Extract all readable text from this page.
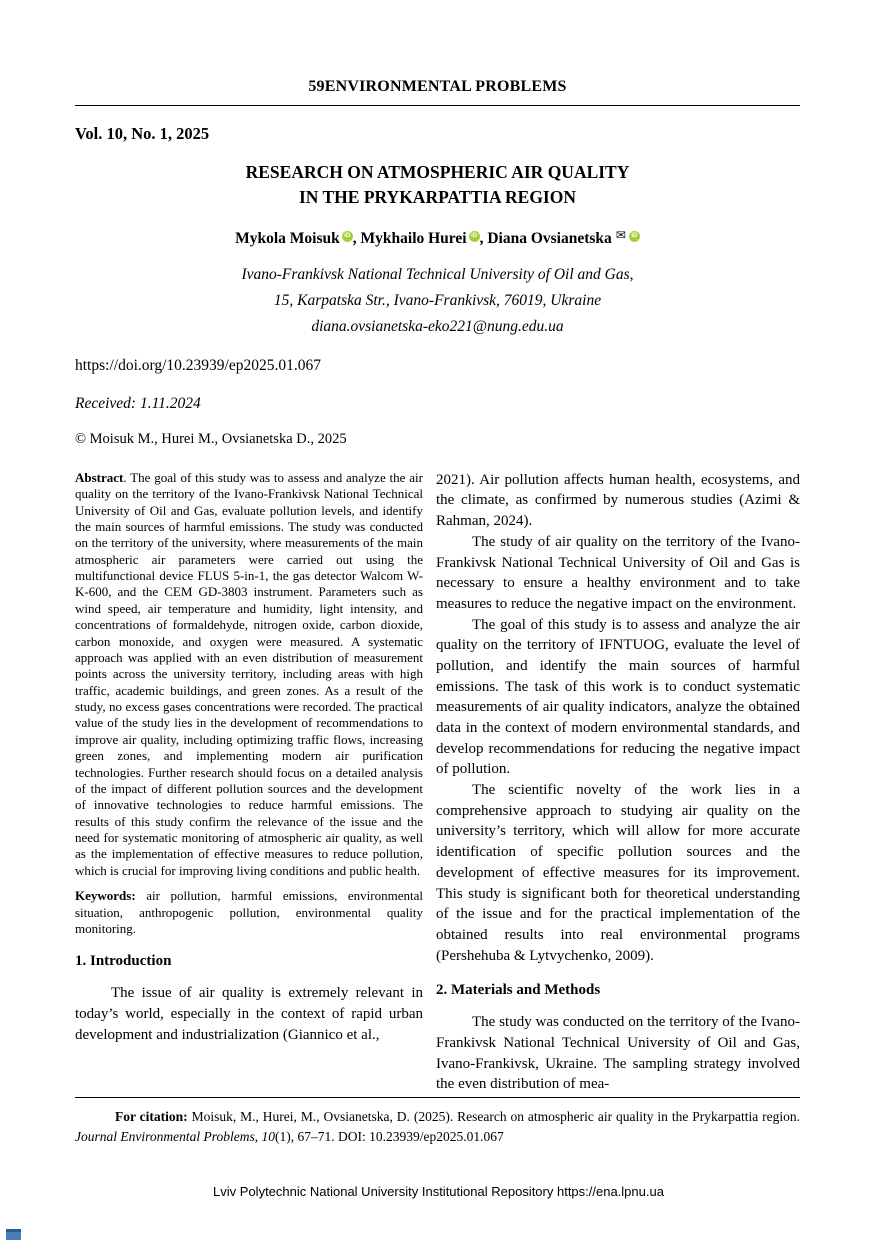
59ENVIRONMENTAL PROBLEMS
Vol. 10, No. 1, 2025
RESEARCH ON ATMOSPHERIC AIR QUALITY
IN THE PRYKARPATTIA REGION
Mykola Moisuk iD , Mykhailo Hurei iD , Diana Ovsianetska ✉ iD
Ivano-Frankivsk National Technical University of Oil and Gas,
15, Karpatska Str., Ivano-Frankivsk, 76019, Ukraine
diana.ovsianetska-eko221@nung.edu.ua
https://doi.org/10.23939/ep2025.01.067
Received: 1.11.2024
© Moisuk M., Hurei M., Ovsianetska D., 2025

Abstract. The goal of this study was to assess and analyze the air quality on the territory of the Ivano-Frankivsk National Technical University of Oil and Gas, evaluate pollution levels, and identify the main sources of harmful emissions. The study was conducted on the territory of the university, where measurements of the main atmospheric air parameters were carried out using the multifunctional device FLUS 5-in-1, the gas detector Walcom W-K-600, and the CEM GD-3803 instrument. Parameters such as wind speed, air temperature and humidity, light intensity, and concentrations of formaldehyde, nitrogen oxide, carbon dioxide, carbon monoxide, and oxygen were measured. A systematic approach was applied with an even distribution of measurement points across the university territory, including areas with high traffic, academic buildings, and green zones. As a result of the study, no excess gases concentrations were recorded. The practical value of the study lies in the development of recommendations to improve air quality, including optimizing traffic flows, increasing green zones, and implementing modern air purification technologies. Further research should focus on a detailed analysis of the impact of different pollution sources and the development of innovative technologies to reduce harmful emissions. The results of this study confirm the relevance of the issue and the need for systematic monitoring of atmospheric air quality, as well as the implementation of effective measures to reduce pollution, which is crucial for improving living conditions and public health.

Keywords: air pollution, harmful emissions, environmental situation, anthropogenic pollution, environmental quality monitoring.

1. Introduction

The issue of air quality is extremely relevant in today’s world, especially in the context of rapid urban development and industrialization (Giannico et al.,

2021). Air pollution affects human health, ecosystems, and the climate, as confirmed by numerous studies (Azimi & Rahman, 2024).

The study of air quality on the territory of the Ivano-Frankivsk National Technical University of Oil and Gas is necessary to ensure a healthy environment and to take measures to reduce the negative impact on the environment.

The goal of this study is to assess and analyze the air quality on the territory of IFNTUOG, evaluate the level of pollution, and identify the main sources of harmful emissions. The task of this work is to conduct systematic measurements of air quality indicators, analyze the obtained data in the context of modern environmental standards, and develop recommendations for reducing the negative impact of pollution.

The scientific novelty of the work lies in a comprehensive approach to studying air quality on the university’s territory, which will allow for more accurate identification of specific pollution sources and the development of effective measures for its improvement. This study is significant both for theoretical understanding of the issue and for the practical implementation of the obtained results into real environmental programs (Pershehuba & Lytvychenko, 2009).

2. Materials and Methods

The study was conducted on the territory of the Ivano-Frankivsk National Technical University of Oil and Gas, Ivano-Frankivsk, Ukraine. The sampling strategy involved the even distribution of mea-

For citation: Moisuk, M., Hurei, M., Ovsianetska, D. (2025). Research on atmospheric air quality in the Prykarpattia region. Journal Environmental Problems, 10(1), 67–71. DOI: 10.23939/ep2025.01.067
Lviv Polytechnic National University Institutional Repository https://ena.lpnu.ua
